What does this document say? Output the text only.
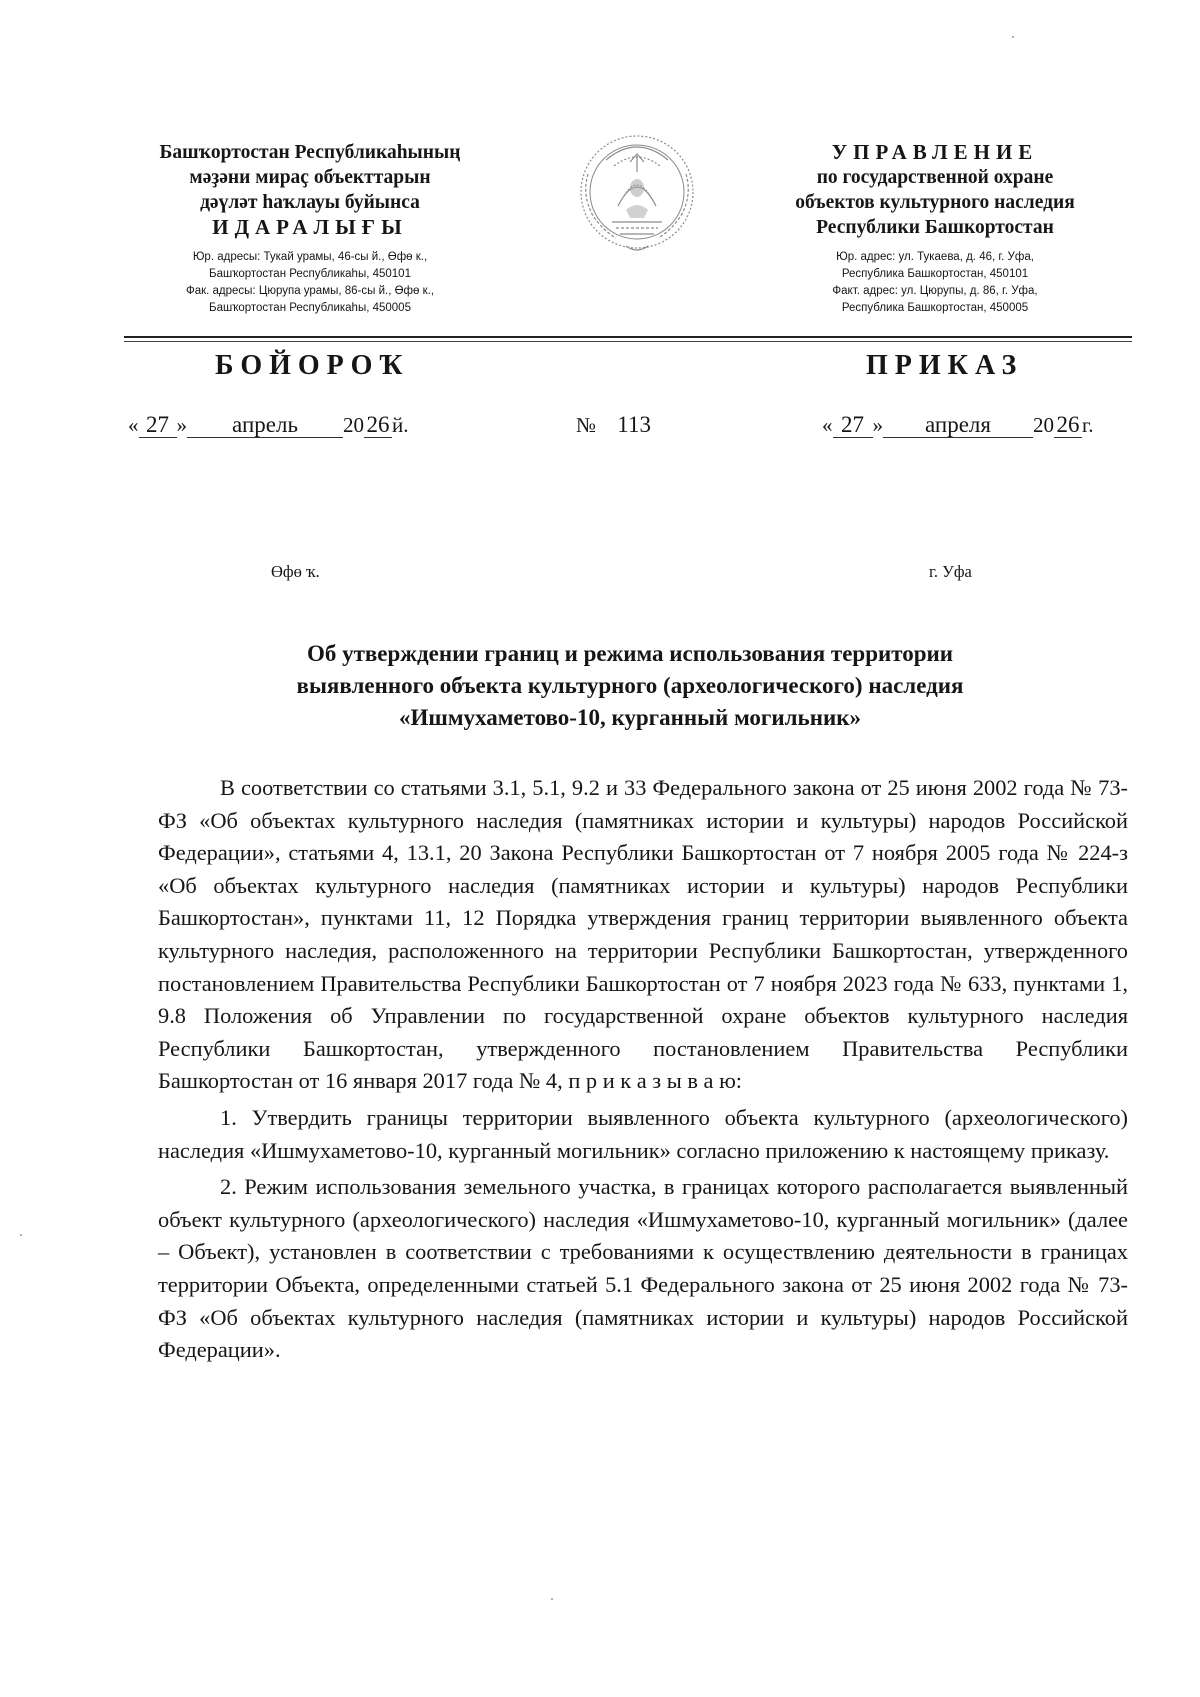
Башҡортостан Республикаһының
мәҙәни мираҫ объекттарын
дәүләт һаҡлауы буйынса
ИДАРАЛЫҒЫ
Юр. адресы: Тукай урамы, 46-сы й., Өфө к.,
Башҡортостан Республикаһы, 450101
Фак. адресы: Цюрупа урамы, 86-сы й., Өфө к.,
Башҡортостан Республикаһы, 450005
УПРАВЛЕНИЕ
по государственной охране
объектов культурного наследия
Республики Башкортостан
Юр. адрес: ул. Тукаева, д. 46, г. Уфа,
Республика Башкортостан, 450101
Факт. адрес: ул. Цюрупы, д. 86, г. Уфа,
Республика Башкортостан, 450005
БОЙОРОҠ	ПРИКАЗ
« 27 » апрель 20 26 й.	№ 113	« 27 » апреля 20 26 г.
Өфө ҡ.	г. Уфа
Об утверждении границ и режима использования территории
выявленного объекта культурного (археологического) наследия
«Ишмухаметово-10, курганный могильник»

В соответствии со статьями 3.1, 5.1, 9.2 и 33 Федерального закона от 25 июня 2002 года № 73-ФЗ «Об объектах культурного наследия (памятниках истории и культуры) народов Российской Федерации», статьями 4, 13.1, 20 Закона Республики Башкортостан от 7 ноября 2005 года № 224-з «Об объектах культурного наследия (памятниках истории и культуры) народов Республики Башкортостан», пунктами 11, 12 Порядка утверждения границ территории выявленного объекта культурного наследия, расположенного на территории Республики Башкортостан, утвержденного постановлением Правительства Республики Башкортостан от 7 ноября 2023 года № 633, пунктами 1, 9.8 Положения об Управлении по государственной охране объектов культурного наследия Республики Башкортостан, утвержденного постановлением Правительства Республики Башкортостан от 16 января 2017 года № 4, п р и к а з ы в а ю:

1. Утвердить границы территории выявленного объекта культурного (археологического) наследия «Ишмухаметово-10, курганный могильник» согласно приложению к настоящему приказу.

2. Режим использования земельного участка, в границах которого располагается выявленный объект культурного (археологического) наследия «Ишмухаметово-10, курганный могильник» (далее – Объект), установлен в соответствии с требованиями к осуществлению деятельности в границах территории Объекта, определенными статьей 5.1 Федерального закона от 25 июня 2002 года № 73-ФЗ «Об объектах культурного наследия (памятниках истории и культуры) народов Российской Федерации».
